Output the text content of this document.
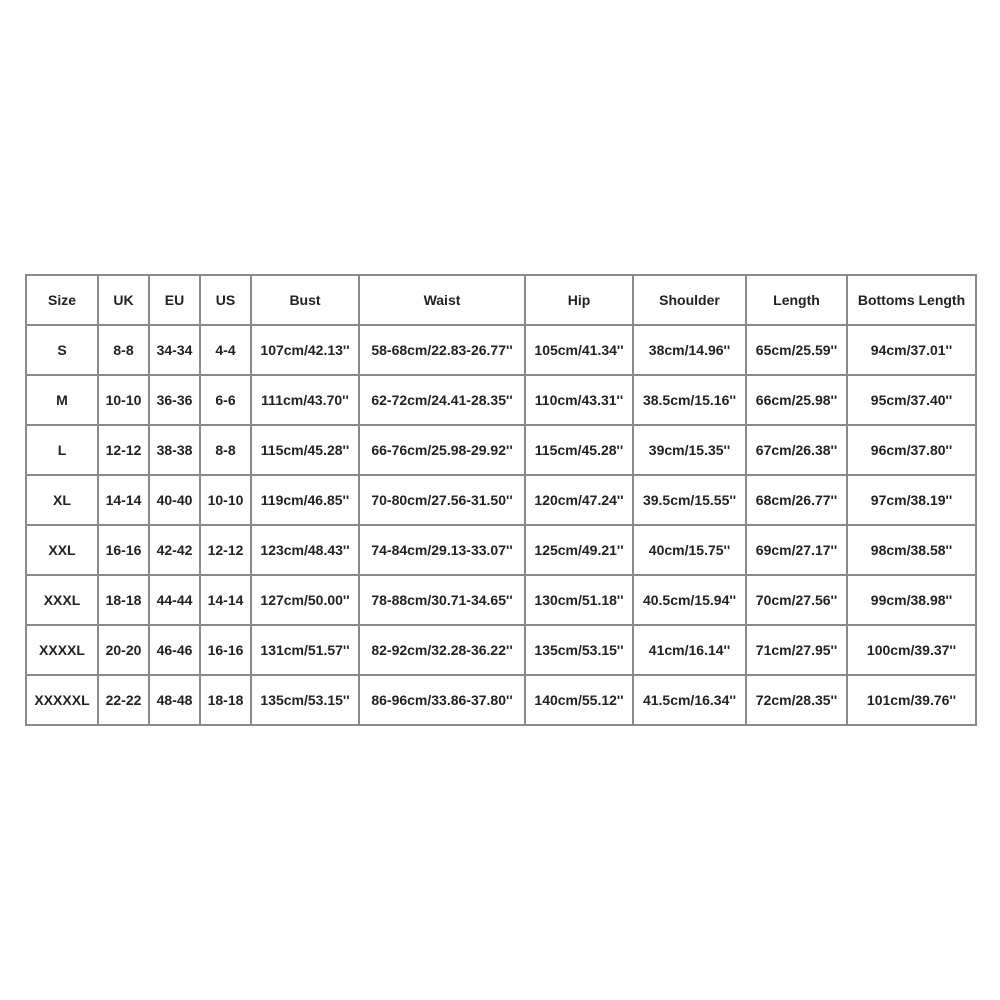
Size	UK	EU	US	Bust	Waist	Hip	Shoulder	Length	Bottoms Length
S	8-8	34-34	4-4	107cm/42.13''	58-68cm/22.83-26.77''	105cm/41.34''	38cm/14.96''	65cm/25.59''	94cm/37.01''
M	10-10	36-36	6-6	111cm/43.70''	62-72cm/24.41-28.35''	110cm/43.31''	38.5cm/15.16''	66cm/25.98''	95cm/37.40''
L	12-12	38-38	8-8	115cm/45.28''	66-76cm/25.98-29.92''	115cm/45.28''	39cm/15.35''	67cm/26.38''	96cm/37.80''
XL	14-14	40-40	10-10	119cm/46.85''	70-80cm/27.56-31.50''	120cm/47.24''	39.5cm/15.55''	68cm/26.77''	97cm/38.19''
XXL	16-16	42-42	12-12	123cm/48.43''	74-84cm/29.13-33.07''	125cm/49.21''	40cm/15.75''	69cm/27.17''	98cm/38.58''
XXXL	18-18	44-44	14-14	127cm/50.00''	78-88cm/30.71-34.65''	130cm/51.18''	40.5cm/15.94''	70cm/27.56''	99cm/38.98''
XXXXL	20-20	46-46	16-16	131cm/51.57''	82-92cm/32.28-36.22''	135cm/53.15''	41cm/16.14''	71cm/27.95''	100cm/39.37''
XXXXXL	22-22	48-48	18-18	135cm/53.15''	86-96cm/33.86-37.80''	140cm/55.12''	41.5cm/16.34''	72cm/28.35''	101cm/39.76''
